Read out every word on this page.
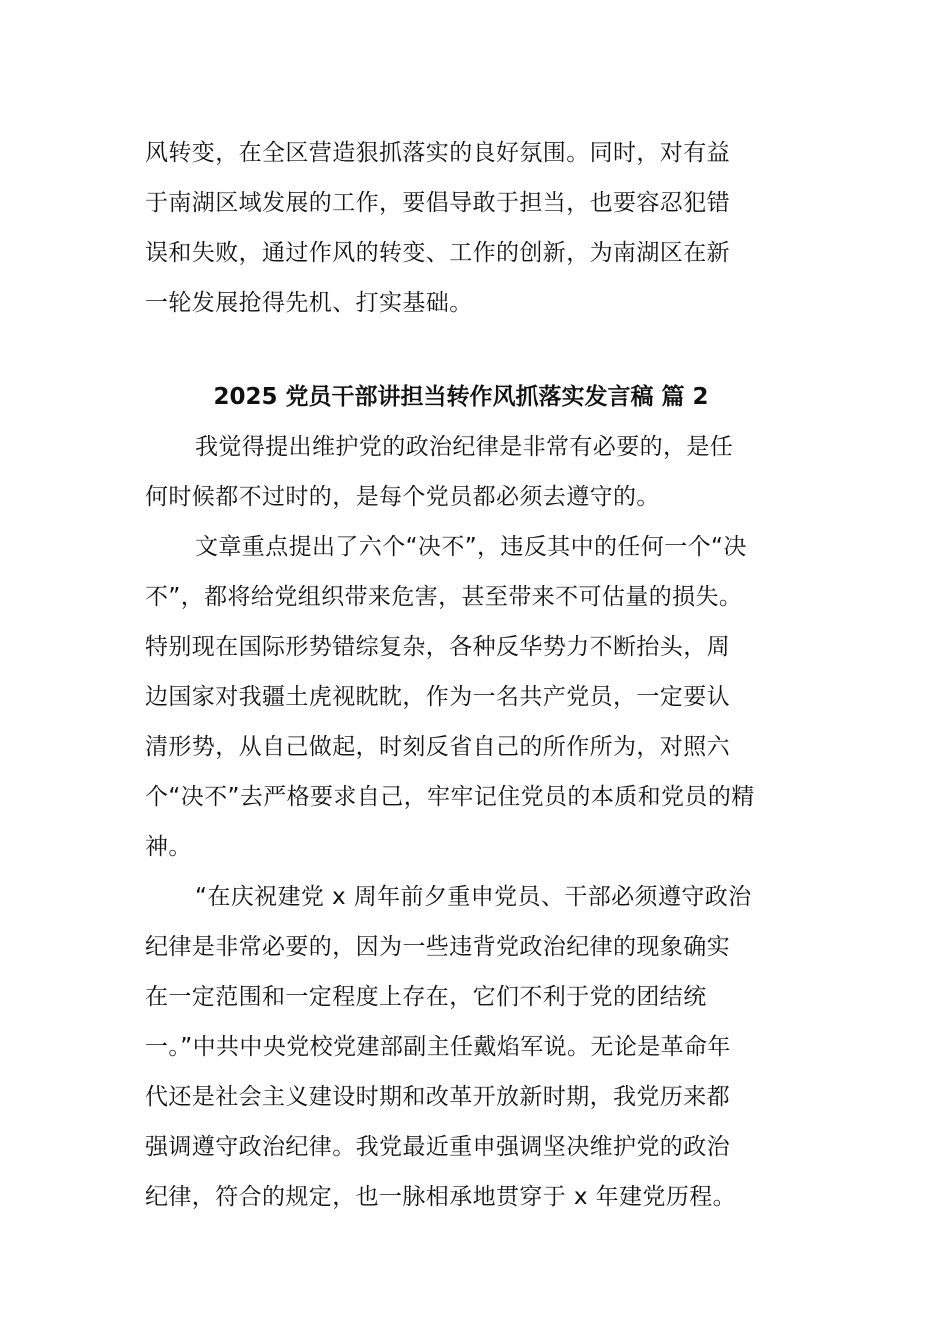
风转变，在全区营造狠抓落实的良好氛围。同时，对有益
于南湖区域发展的工作，要倡导敢于担当，也要容忍犯错
误和失败，通过作风的转变、工作的创新，为南湖区在新
一轮发展抢得先机、打实基础。
2025 党员干部讲担当转作风抓落实发言稿 篇 2
我觉得提出维护党的政治纪律是非常有必要的，是任
何时候都不过时的，是每个党员都必须去遵守的。
文章重点提出了六个“决不”，违反其中的任何一个“决
不”，都将给党组织带来危害，甚至带来不可估量的损失。
特别现在国际形势错综复杂，各种反华势力不断抬头，周
边国家对我疆土虎视眈眈，作为一名共产党员，一定要认
清形势，从自己做起，时刻反省自己的所作所为，对照六
个“决不”去严格要求自己，牢牢记住党员的本质和党员的精
神。
“在庆祝建党 x 周年前夕重申党员、干部必须遵守政治
纪律是非常必要的，因为一些违背党政治纪律的现象确实
在一定范围和一定程度上存在，它们不利于党的团结统
一。”中共中央党校党建部副主任戴焰军说。无论是革命年
代还是社会主义建设时期和改革开放新时期，我党历来都
强调遵守政治纪律。我党最近重申强调坚决维护党的政治
纪律，符合的规定，也一脉相承地贯穿于 x 年建党历程。
